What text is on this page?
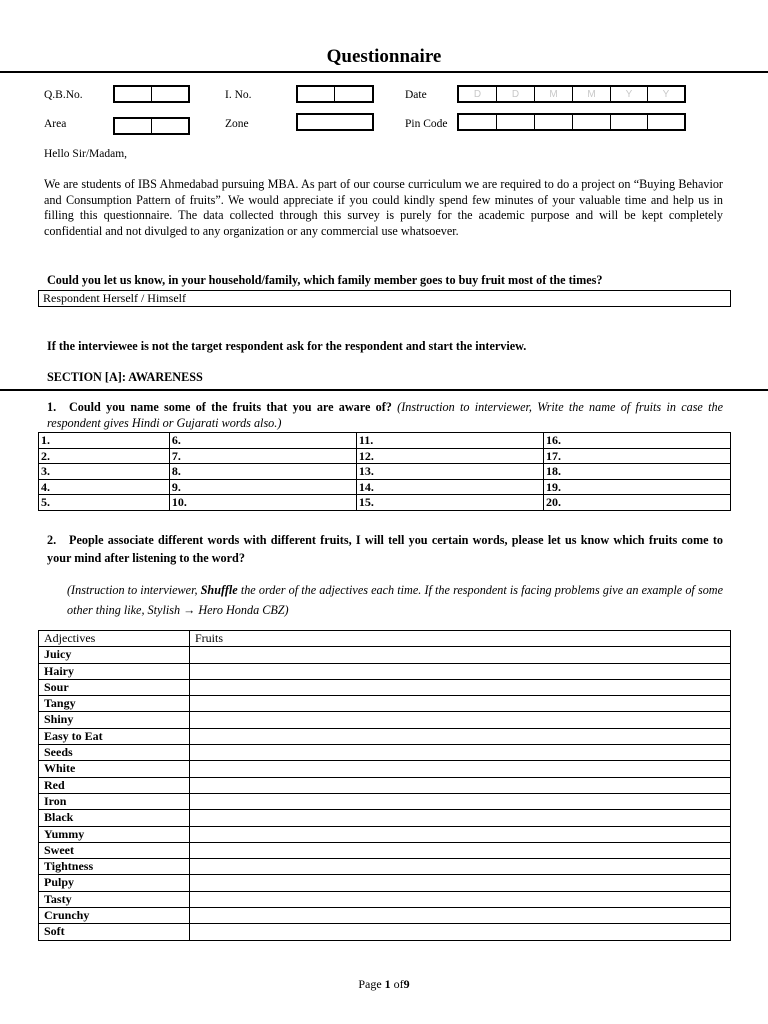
Questionnaire
Q.B.No.	I. No.	Date	D	D	M	M	Y	Y
Area	Zone	Pin Code
Hello Sir/Madam,
We are students of IBS Ahmedabad pursuing MBA. As part of our course curriculum we are required to do a project on “Buying Behavior and Consumption Pattern of fruits”. We would appreciate if you could kindly spend few minutes of your valuable time and help us in filling this questionnaire. The data collected through this survey is purely for the academic purpose and will be kept completely confidential and not divulged to any organization or any commercial use whatsoever.
Could you let us know, in your household/family, which family member goes to buy fruit most of the times?
Respondent Herself / Himself
If the interviewee is not the target respondent ask for the respondent and start the interview.
SECTION [A]: AWARENESS
1. Could you name some of the fruits that you are aware of? (Instruction to interviewer, Write the name of fruits in case the respondent gives Hindi or Gujarati words also.)
1.	6.	11.	16.
2.	7.	12.	17.
3.	8.	13.	18.
4.	9.	14.	19.
5.	10.	15.	20.
2. People associate different words with different fruits, I will tell you certain words, please let us know which fruits come to your mind after listening to the word?
(Instruction to interviewer, Shuffle the order of the adjectives each time. If the respondent is facing problems give an example of some other thing like, Stylish → Hero Honda CBZ)
Adjectives	Fruits
Juicy	
Hairy	
Sour	
Tangy	
Shiny	
Easy to Eat	
Seeds	
White	
Red	
Iron	
Black	
Yummy	
Sweet	
Tightness	
Pulpy	
Tasty	
Crunchy	
Soft	
Page 1 of9
